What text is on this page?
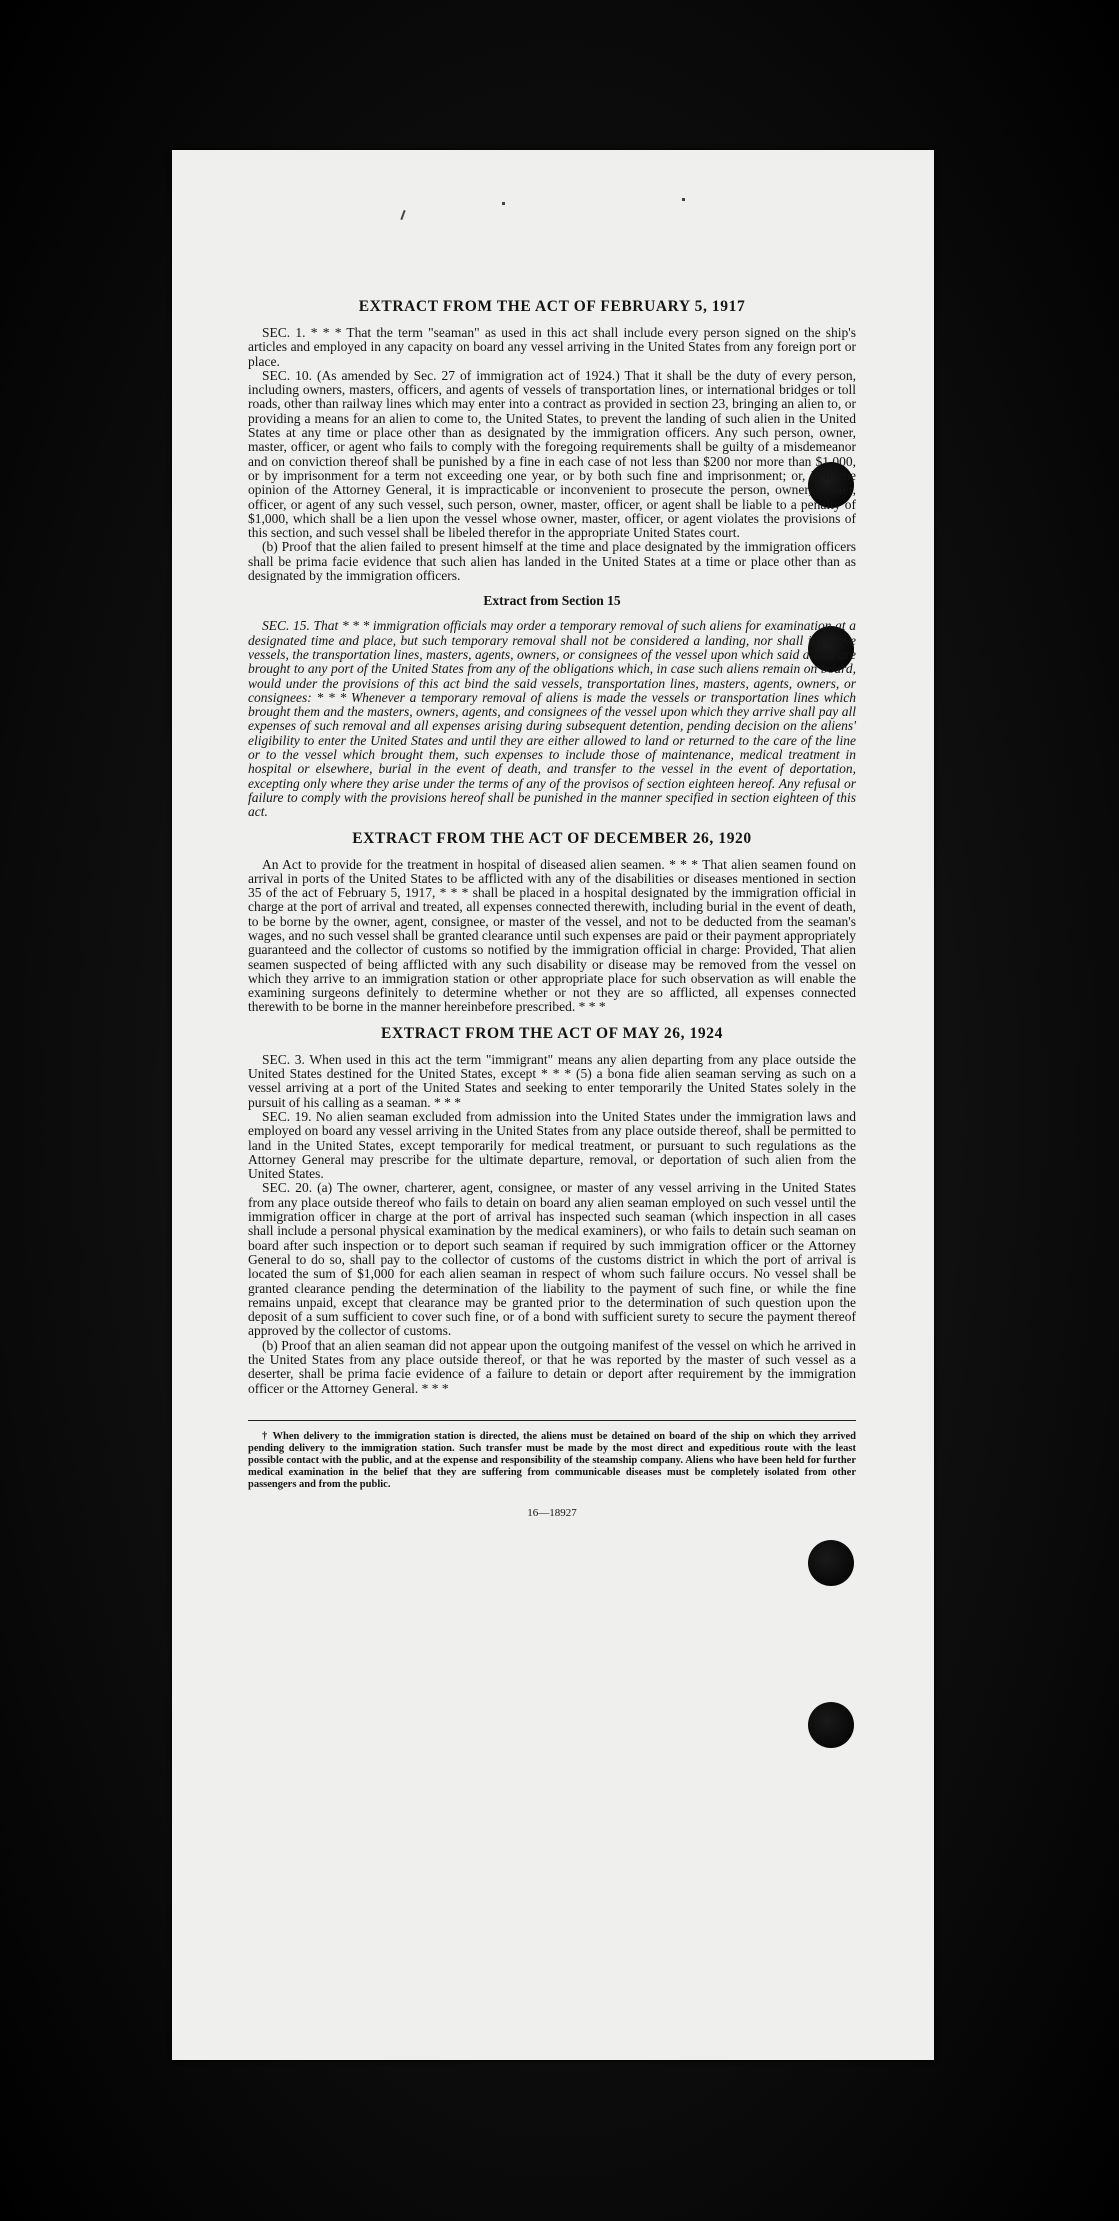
EXTRACT FROM THE ACT OF FEBRUARY 5, 1917

SEC. 1. * * * That the term "seaman" as used in this act shall include every person signed on the ship's articles and employed in any capacity on board any vessel arriving in the United States from any foreign port or place.

SEC. 10. (As amended by Sec. 27 of immigration act of 1924.) That it shall be the duty of every person, including owners, masters, officers, and agents of vessels of transportation lines, or international bridges or toll roads, other than railway lines which may enter into a contract as provided in section 23, bringing an alien to, or providing a means for an alien to come to, the United States, to prevent the landing of such alien in the United States at any time or place other than as designated by the immigration officers. Any such person, owner, master, officer, or agent who fails to comply with the foregoing requirements shall be guilty of a misdemeanor and on conviction thereof shall be punished by a fine in each case of not less than $200 nor more than $1,000, or by imprisonment for a term not exceeding one year, or by both such fine and imprisonment; or, if in the opinion of the Attorney General, it is impracticable or inconvenient to prosecute the person, owner, master, officer, or agent of any such vessel, such person, owner, master, officer, or agent shall be liable to a penalty of $1,000, which shall be a lien upon the vessel whose owner, master, officer, or agent violates the provisions of this section, and such vessel shall be libeled therefor in the appropriate United States court.

(b) Proof that the alien failed to present himself at the time and place designated by the immigration officers shall be prima facie evidence that such alien has landed in the United States at a time or place other than as designated by the immigration officers.

Extract from Section 15

SEC. 15. That * * * immigration officials may order a temporary removal of such aliens for examination at a designated time and place, but such temporary removal shall not be considered a landing, nor shall it relieve vessels, the transportation lines, masters, agents, owners, or consignees of the vessel upon which said aliens are brought to any port of the United States from any of the obligations which, in case such aliens remain on board, would under the provisions of this act bind the said vessels, transportation lines, masters, agents, owners, or consignees: * * * Whenever a temporary removal of aliens is made the vessels or transportation lines which brought them and the masters, owners, agents, and consignees of the vessel upon which they arrive shall pay all expenses of such removal and all expenses arising during subsequent detention, pending decision on the aliens' eligibility to enter the United States and until they are either allowed to land or returned to the care of the line or to the vessel which brought them, such expenses to include those of maintenance, medical treatment in hospital or elsewhere, burial in the event of death, and transfer to the vessel in the event of deportation, excepting only where they arise under the terms of any of the provisos of section eighteen hereof. Any refusal or failure to comply with the provisions hereof shall be punished in the manner specified in section eighteen of this act.

EXTRACT FROM THE ACT OF DECEMBER 26, 1920

An Act to provide for the treatment in hospital of diseased alien seamen. * * * That alien seamen found on arrival in ports of the United States to be afflicted with any of the disabilities or diseases mentioned in section 35 of the act of February 5, 1917, * * * shall be placed in a hospital designated by the immigration official in charge at the port of arrival and treated, all expenses connected therewith, including burial in the event of death, to be borne by the owner, agent, consignee, or master of the vessel, and not to be deducted from the seaman's wages, and no such vessel shall be granted clearance until such expenses are paid or their payment appropriately guaranteed and the collector of customs so notified by the immigration official in charge: Provided, That alien seamen suspected of being afflicted with any such disability or disease may be removed from the vessel on which they arrive to an immigration station or other appropriate place for such observation as will enable the examining surgeons definitely to determine whether or not they are so afflicted, all expenses connected therewith to be borne in the manner hereinbefore prescribed. * * *

EXTRACT FROM THE ACT OF MAY 26, 1924

SEC. 3. When used in this act the term "immigrant" means any alien departing from any place outside the United States destined for the United States, except * * * (5) a bona fide alien seaman serving as such on a vessel arriving at a port of the United States and seeking to enter temporarily the United States solely in the pursuit of his calling as a seaman. * * *

SEC. 19. No alien seaman excluded from admission into the United States under the immigration laws and employed on board any vessel arriving in the United States from any place outside thereof, shall be permitted to land in the United States, except temporarily for medical treatment, or pursuant to such regulations as the Attorney General may prescribe for the ultimate departure, removal, or deportation of such alien from the United States.

SEC. 20. (a) The owner, charterer, agent, consignee, or master of any vessel arriving in the United States from any place outside thereof who fails to detain on board any alien seaman employed on such vessel until the immigration officer in charge at the port of arrival has inspected such seaman (which inspection in all cases shall include a personal physical examination by the medical examiners), or who fails to detain such seaman on board after such inspection or to deport such seaman if required by such immigration officer or the Attorney General to do so, shall pay to the collector of customs of the customs district in which the port of arrival is located the sum of $1,000 for each alien seaman in respect of whom such failure occurs. No vessel shall be granted clearance pending the determination of the liability to the payment of such fine, or while the fine remains unpaid, except that clearance may be granted prior to the determination of such question upon the deposit of a sum sufficient to cover such fine, or of a bond with sufficient surety to secure the payment thereof approved by the collector of customs.

(b) Proof that an alien seaman did not appear upon the outgoing manifest of the vessel on which he arrived in the United States from any place outside thereof, or that he was reported by the master of such vessel as a deserter, shall be prima facie evidence of a failure to detain or deport after requirement by the immigration officer or the Attorney General. * * *

† When delivery to the immigration station is directed, the aliens must be detained on board of the ship on which they arrived pending delivery to the immigration station. Such transfer must be made by the most direct and expeditious route with the least possible contact with the public, and at the expense and responsibility of the steamship company. Aliens who have been held for further medical examination in the belief that they are suffering from communicable diseases must be completely isolated from other passengers and from the public.

16—18927
